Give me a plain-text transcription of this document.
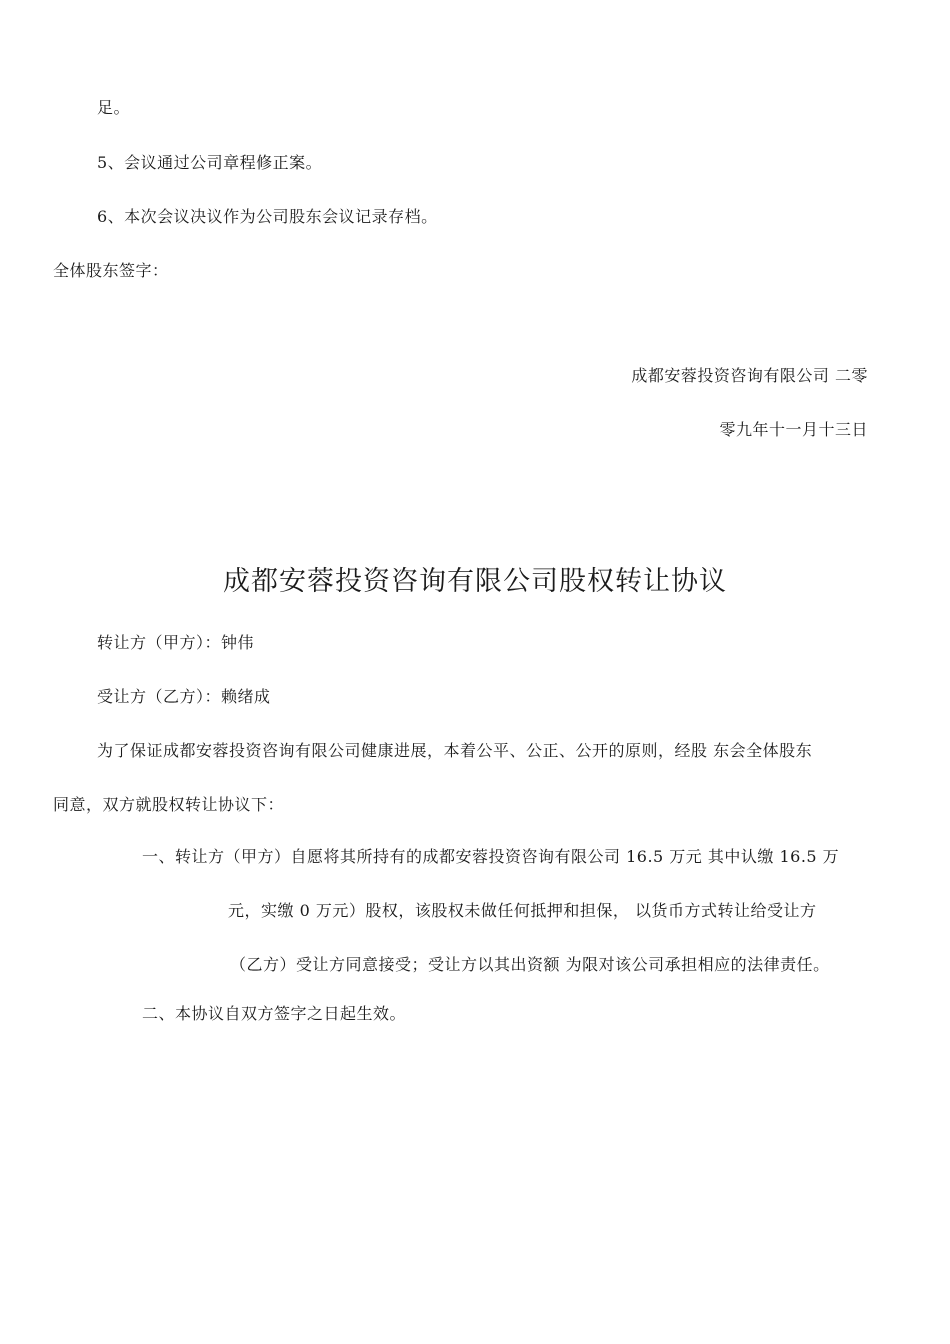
足。
5、会议通过公司章程修正案。
6、本次会议决议作为公司股东会议记录存档。
全体股东签字：
成都安蓉投资咨询有限公司 二零
零九年十一月十三日
成都安蓉投资咨询有限公司股权转让协议
转让方（甲方）：钟伟
受让方（乙方）：赖绪成
为了保证成都安蓉投资咨询有限公司健康进展，本着公平、公正、公开的原则，经股 东会全体股东
同意，双方就股权转让协议下：
一、转让方（甲方）自愿将其所持有的成都安蓉投资咨询有限公司 16.5 万元 其中认缴 16.5 万
元，实缴 0 万元）股权，该股权未做任何抵押和担保， 以货币方式转让给受让方
（乙方）受让方同意接受；受让方以其出资额 为限对该公司承担相应的法律责任。
二、本协议自双方签字之日起生效。
